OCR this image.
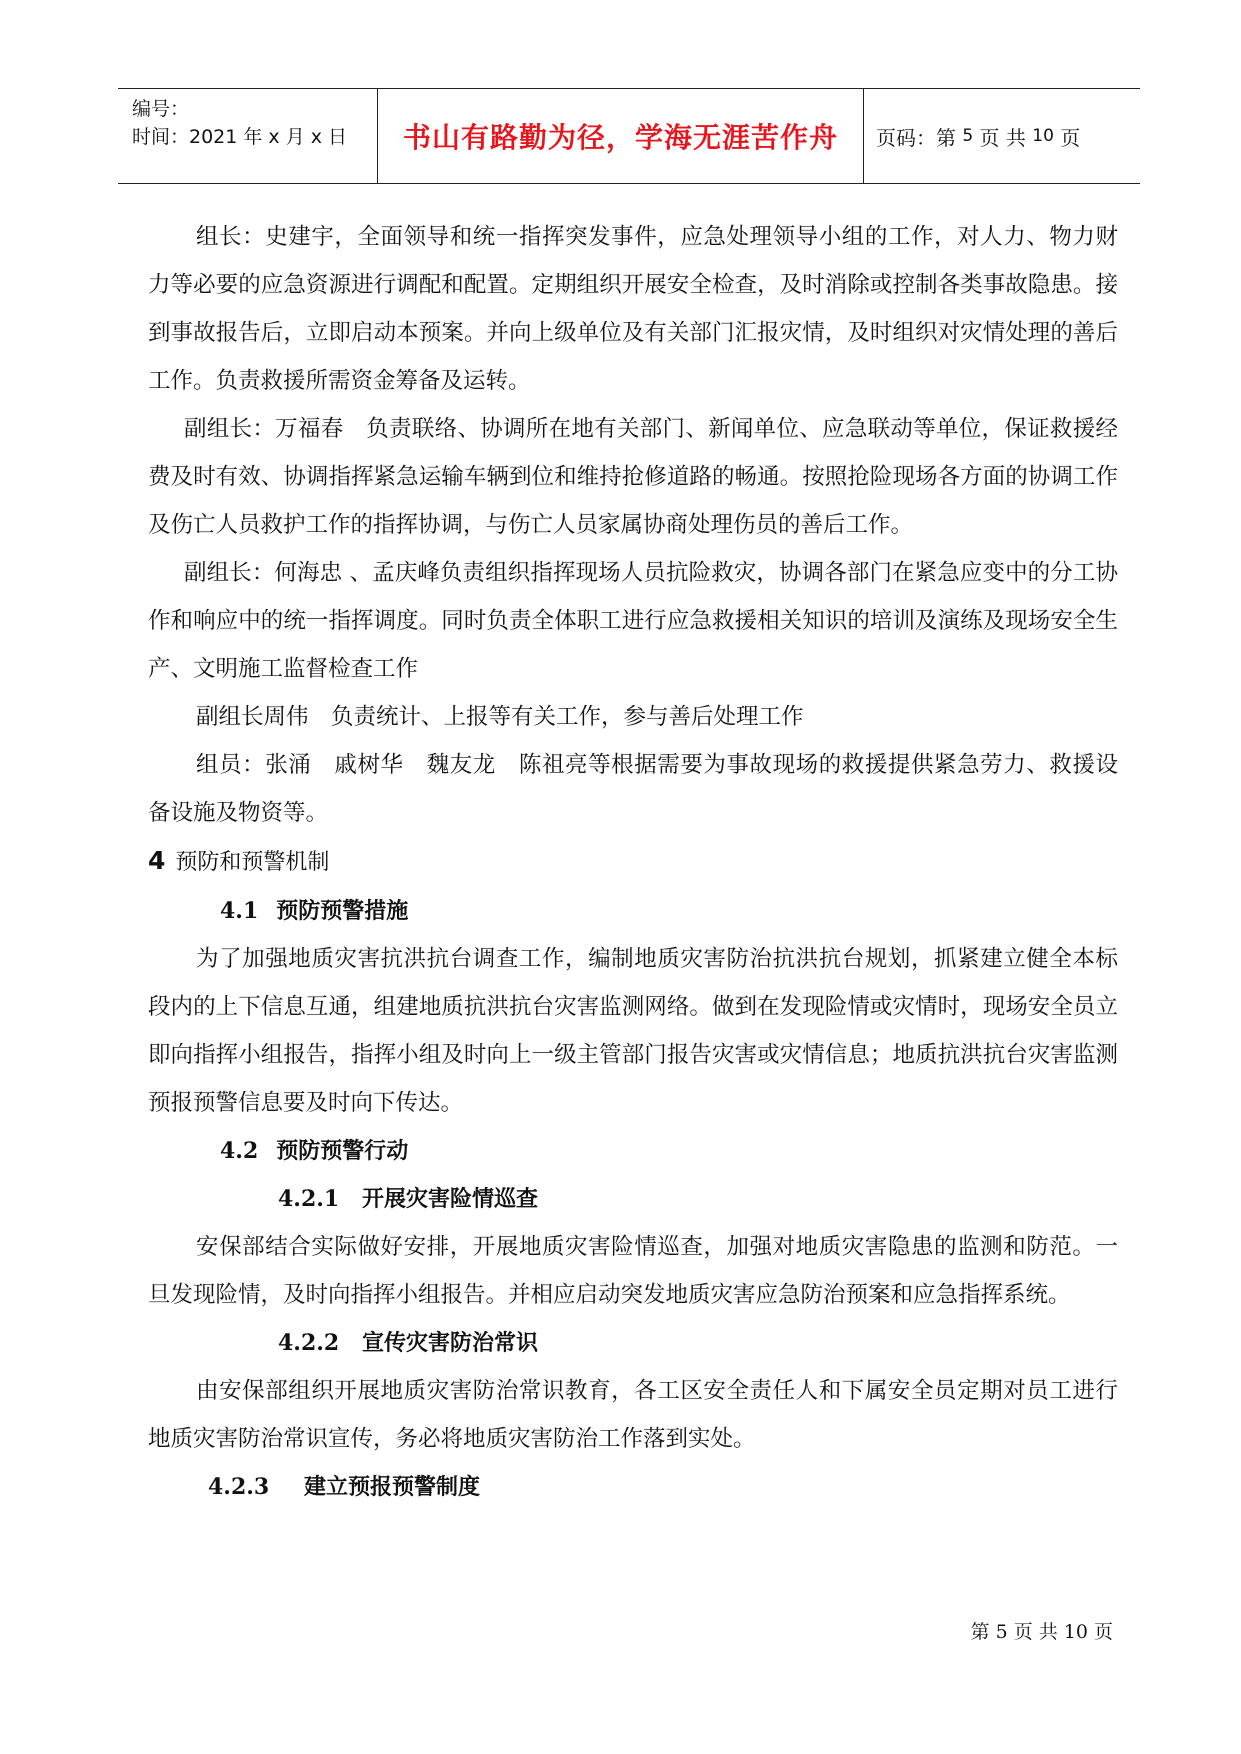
编号：
时间：2021 年 x 月 x 日	书山有路勤为径，学海无涯苦作舟	页码：第
5
页 共
10
页

组长：史建宇，全面领导和统一指挥突发事件，应急处理领导小组的工作，对人力、物力财力等必要的应急资源进行调配和配置。定期组织开展安全检查，及时消除或控制各类事故隐患。接到事故报告后，立即启动本预案。并向上级单位及有关部门汇报灾情，及时组织对灾情处理的善后工作。负责救援所需资金筹备及运转。

副组长：万福春　负责联络、协调所在地有关部门、新闻单位、应急联动等单位，保证救援经费及时有效、协调指挥紧急运输车辆到位和维持抢修道路的畅通。按照抢险现场各方面的协调工作及伤亡人员救护工作的指挥协调，与伤亡人员家属协商处理伤员的善后工作。

副组长：何海忠 、孟庆峰负责组织指挥现场人员抗险救灾，协调各部门在紧急应变中的分工协作和响应中的统一指挥调度。同时负责全体职工进行应急救援相关知识的培训及演练及现场安全生产、文明施工监督检查工作

副组长周伟　负责统计、上报等有关工作，参与善后处理工作

组员：张涌　戚树华　魏友龙　陈祖亮等根据需要为事故现场的救援提供紧急劳力、救援设备设施及物资等。

4 预防和预警机制

4.1 预防预警措施

为了加强地质灾害抗洪抗台调查工作，编制地质灾害防治抗洪抗台规划，抓紧建立健全本标段内的上下信息互通，组建地质抗洪抗台灾害监测网络。做到在发现险情或灾情时，现场安全员立即向指挥小组报告，指挥小组及时向上一级主管部门报告灾害或灾情信息；地质抗洪抗台灾害监测预报预警信息要及时向下传达。

4.2 预防预警行动

4.2.1 开展灾害险情巡查

安保部结合实际做好安排，开展地质灾害险情巡查，加强对地质灾害隐患的监测和防范。一旦发现险情，及时向指挥小组报告。并相应启动突发地质灾害应急防治预案和应急指挥系统。

4.2.2 宣传灾害防治常识

由安保部组织开展地质灾害防治常识教育，各工区安全责任人和下属安全员定期对员工进行地质灾害防治常识宣传，务必将地质灾害防治工作落到实处。

4.2.3 建立预报预警制度

第 5 页 共 10 页
